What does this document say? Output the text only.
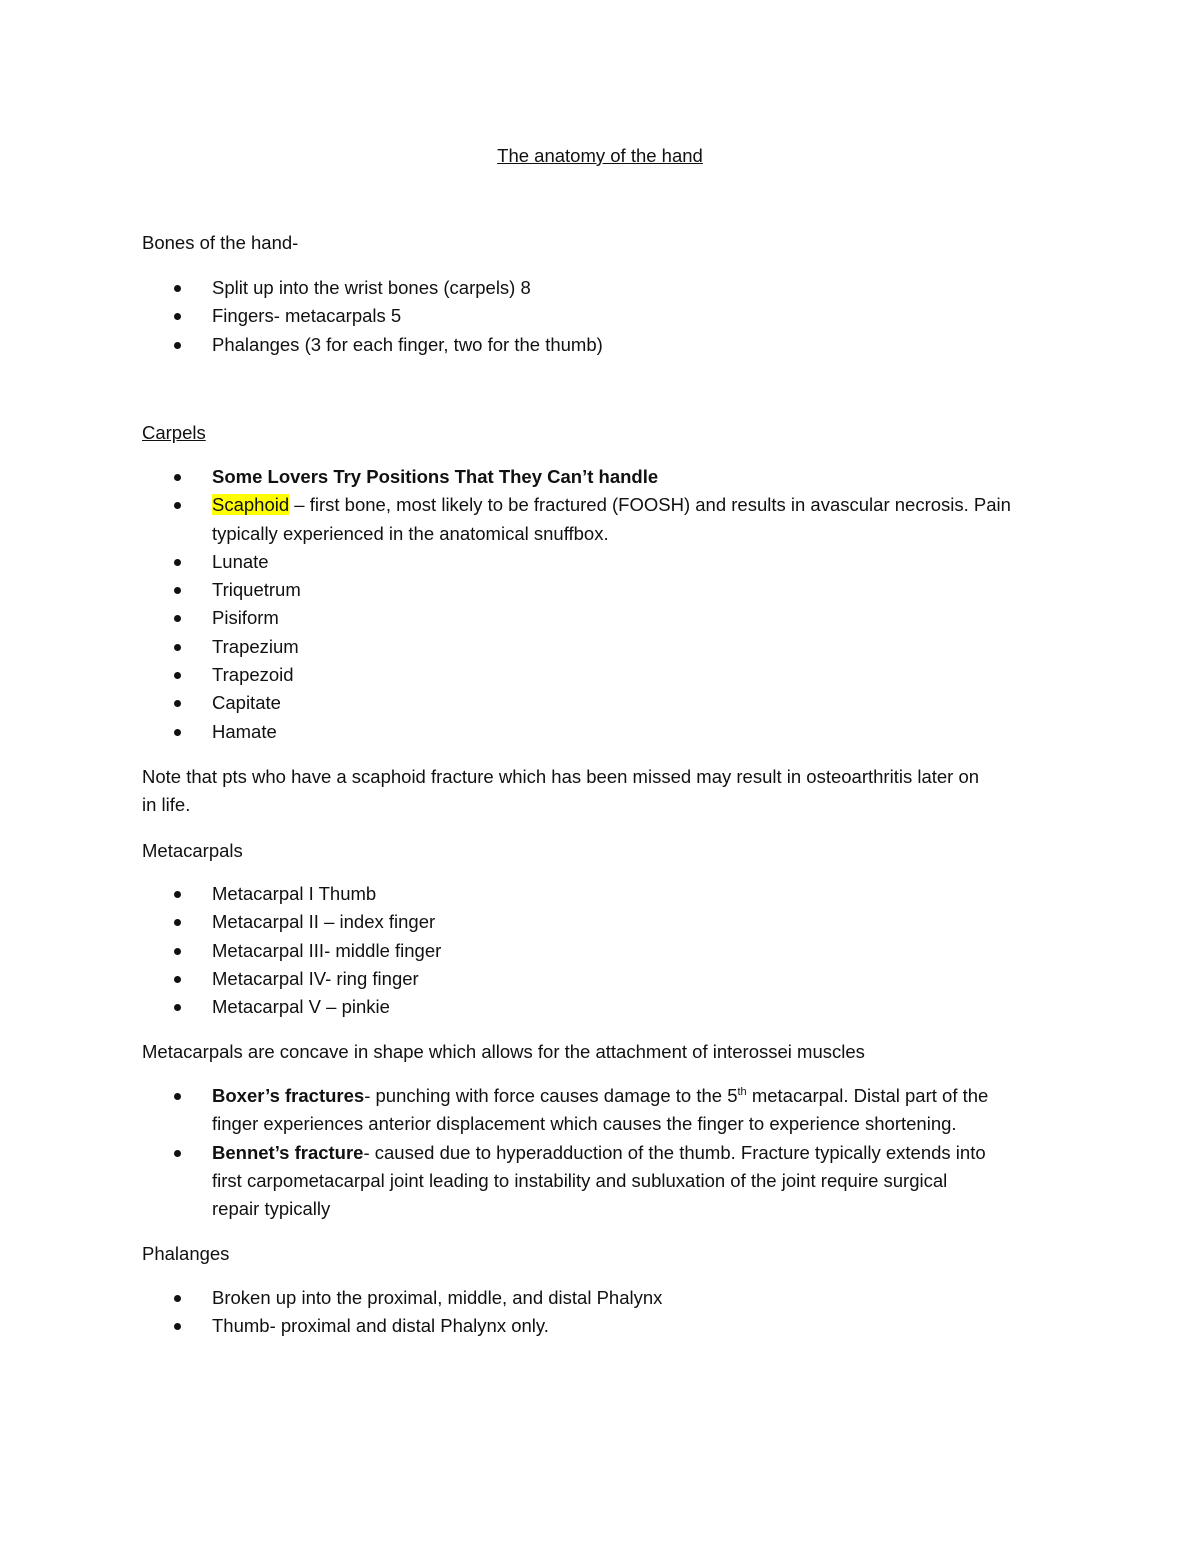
The anatomy of the hand
Bones of the hand-
Split up into the wrist bones (carpels) 8
Fingers- metacarpals 5
Phalanges (3 for each finger, two for the thumb)
Carpels
Some Lovers Try Positions That They Can’t handle
Scaphoid – first bone, most likely to be fractured (FOOSH) and results in avascular necrosis. Pain
typically experienced in the anatomical snuffbox.
Lunate
Triquetrum
Pisiform
Trapezium
Trapezoid
Capitate
Hamate
Note that pts who have a scaphoid fracture which has been missed may result in osteoarthritis later on
in life.
Metacarpals
Metacarpal I Thumb
Metacarpal II – index finger
Metacarpal III- middle finger
Metacarpal IV- ring finger
Metacarpal V – pinkie
Metacarpals are concave in shape which allows for the attachment of interossei muscles
Boxer’s fractures- punching with force causes damage to the 5th metacarpal. Distal part of the
finger experiences anterior displacement which causes the finger to experience shortening.
Bennet’s fracture- caused due to hyperadduction of the thumb. Fracture typically extends into
first carpometacarpal joint leading to instability and subluxation of the joint require surgical
repair typically
Phalanges
Broken up into the proximal, middle, and distal Phalynx
Thumb- proximal and distal Phalynx only.
